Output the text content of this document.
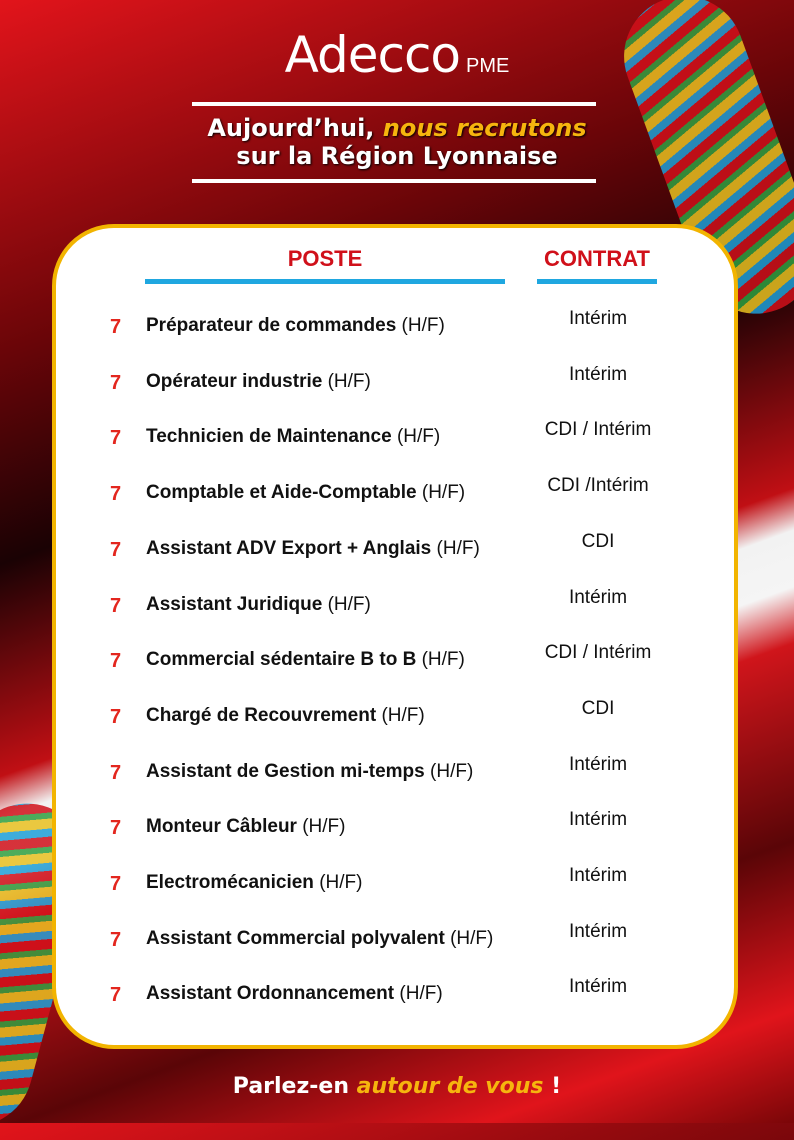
Adecco PME
Aujourd’hui, nous recrutons
sur la Région Lyonnaise
POSTE	CONTRAT
7 Préparateur de commandes (H/F)	Intérim
7 Opérateur industrie (H/F)	Intérim
7 Technicien de Maintenance (H/F)	CDI / Intérim
7 Comptable et Aide-Comptable (H/F)	CDI /Intérim
7 Assistant ADV Export + Anglais (H/F)	CDI
7 Assistant Juridique (H/F)	Intérim
7 Commercial sédentaire B to B (H/F)	CDI / Intérim
7 Chargé de Recouvrement (H/F)	CDI
7 Assistant de Gestion mi-temps (H/F)	Intérim
7 Monteur Câbleur (H/F)	Intérim
7 Electromécanicien (H/F)	Intérim
7 Assistant Commercial polyvalent (H/F)	Intérim
7 Assistant Ordonnancement (H/F)	Intérim
Parlez-en autour de vous !
